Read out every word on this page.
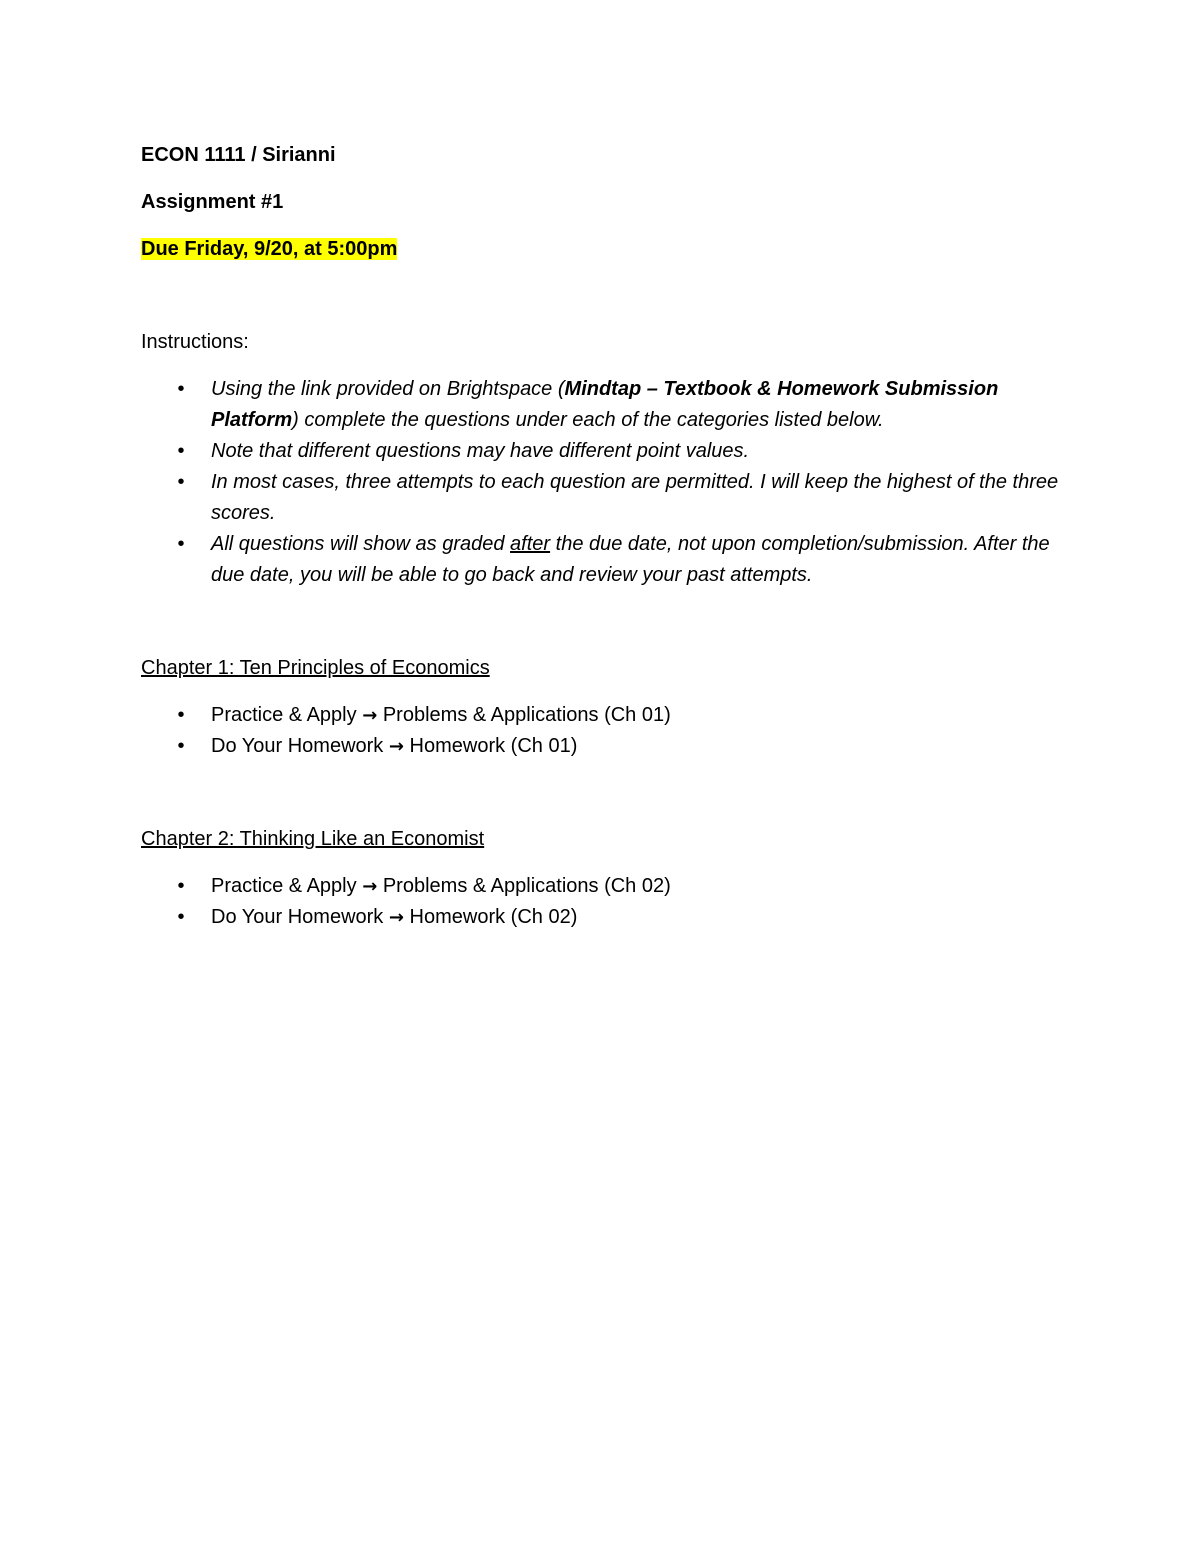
ECON 1111 / Sirianni

Assignment #1

Due Friday, 9/20, at 5:00pm

Instructions:

• Using the link provided on Brightspace (Mindtap – Textbook & Homework Submission Platform) complete the questions under each of the categories listed below.
• Note that different questions may have different point values.
• In most cases, three attempts to each question are permitted. I will keep the highest of the three scores.
• All questions will show as graded after the due date, not upon completion/submission. After the due date, you will be able to go back and review your past attempts.

Chapter 1: Ten Principles of Economics

• Practice & Apply → Problems & Applications (Ch 01)
• Do Your Homework → Homework (Ch 01)

Chapter 2: Thinking Like an Economist

• Practice & Apply → Problems & Applications (Ch 02)
• Do Your Homework → Homework (Ch 02)
